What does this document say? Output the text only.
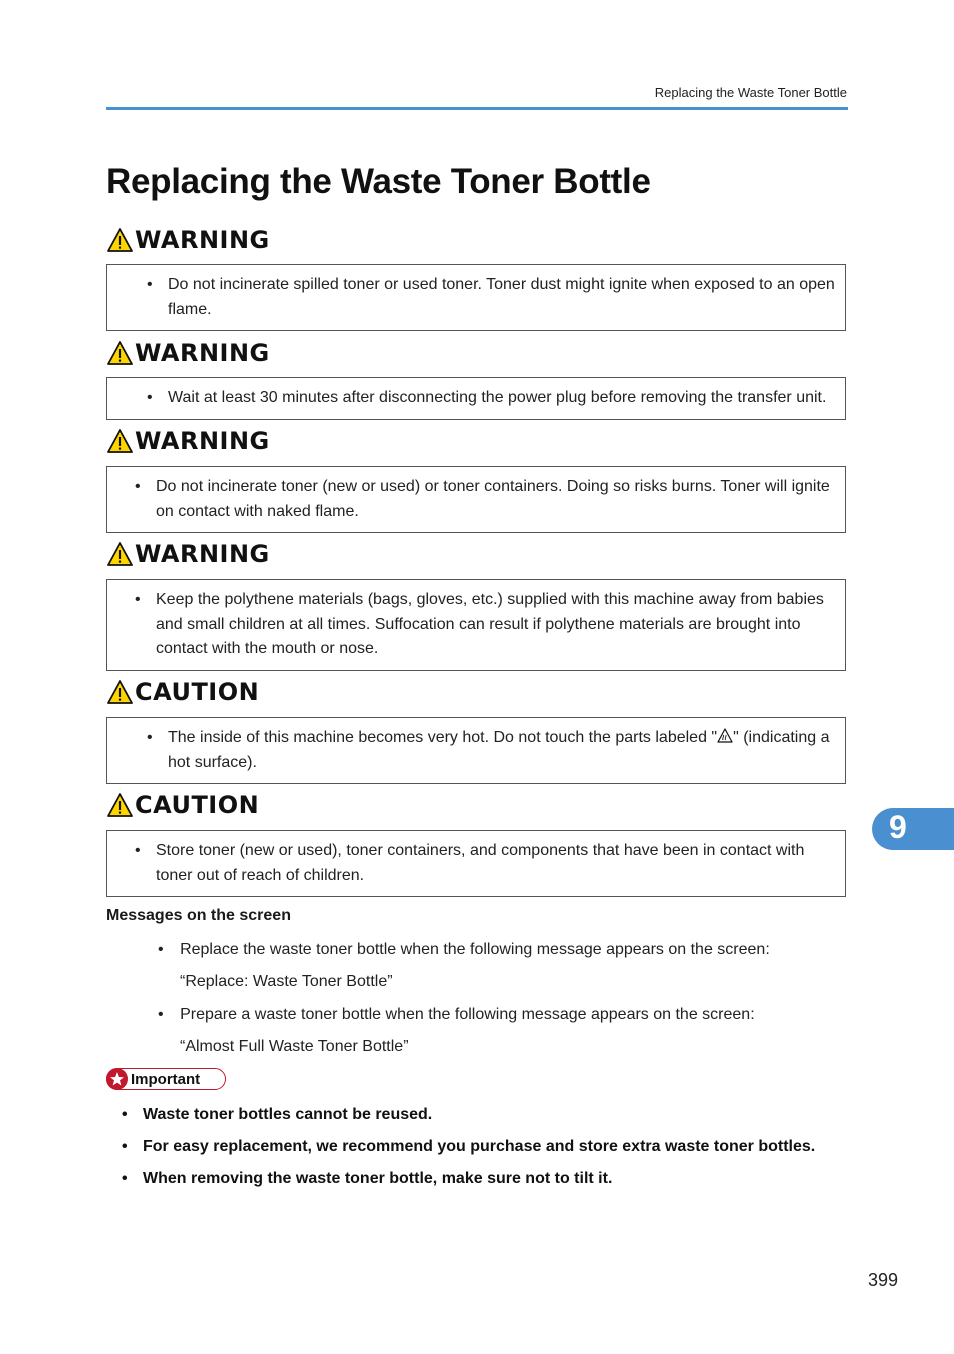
Replacing the Waste Toner Bottle
Replacing the Waste Toner Bottle
WARNING
• Do not incinerate spilled toner or used toner. Toner dust might ignite when exposed to an open flame.
WARNING
• Wait at least 30 minutes after disconnecting the power plug before removing the transfer unit.
WARNING
• Do not incinerate toner (new or used) or toner containers. Doing so risks burns. Toner will ignite on contact with naked flame.
WARNING
• Keep the polythene materials (bags, gloves, etc.) supplied with this machine away from babies and small children at all times. Suffocation can result if polythene materials are brought into contact with the mouth or nose.
CAUTION
• The inside of this machine becomes very hot. Do not touch the parts labeled " " (indicating a hot surface).
CAUTION
• Store toner (new or used), toner containers, and components that have been in contact with toner out of reach of children.
Messages on the screen
• Replace the waste toner bottle when the following message appears on the screen:
“Replace: Waste Toner Bottle”
• Prepare a waste toner bottle when the following message appears on the screen:
“Almost Full Waste Toner Bottle”
Important
• Waste toner bottles cannot be reused.
• For easy replacement, we recommend you purchase and store extra waste toner bottles.
• When removing the waste toner bottle, make sure not to tilt it.
9
399
